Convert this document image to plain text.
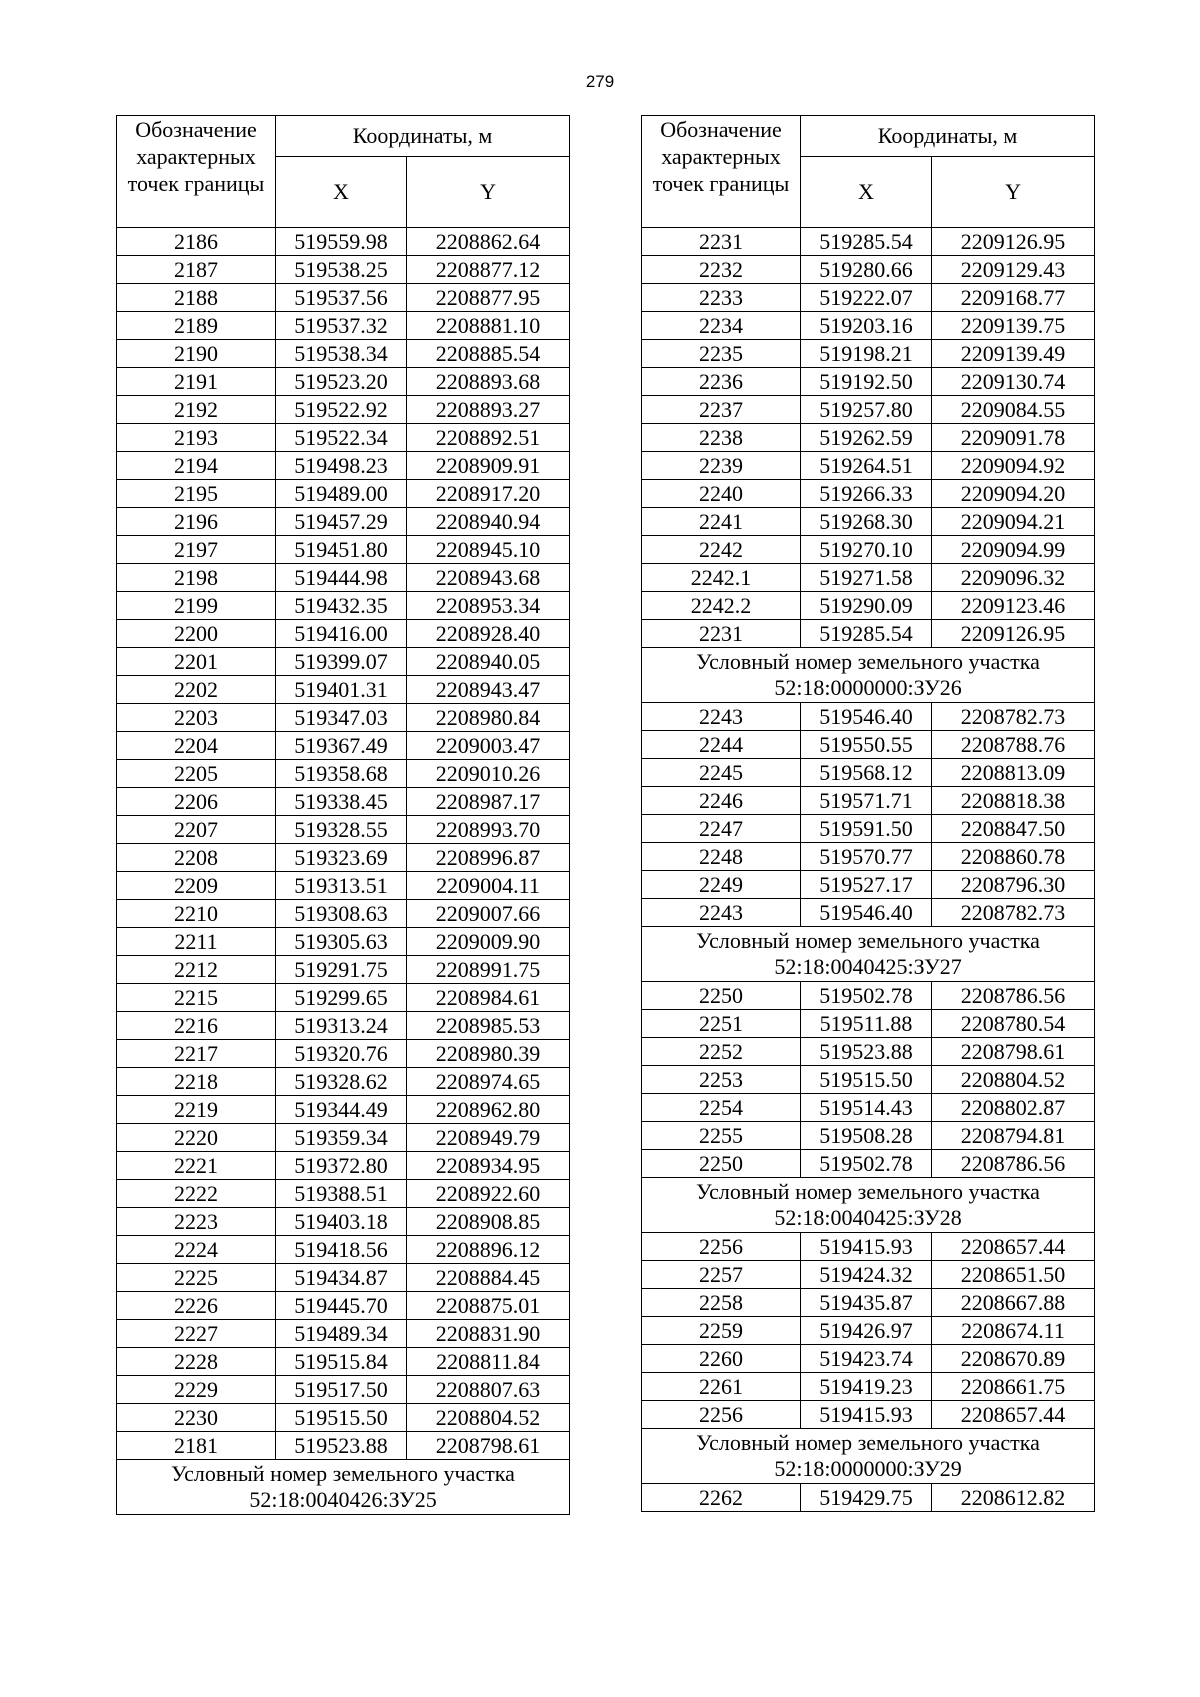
279
Обозначение характерных точек границы	Координаты, м	
	X	Y
2186	519559.98	2208862.64
2187	519538.25	2208877.12
2188	519537.56	2208877.95
2189	519537.32	2208881.10
2190	519538.34	2208885.54
2191	519523.20	2208893.68
2192	519522.92	2208893.27
2193	519522.34	2208892.51
2194	519498.23	2208909.91
2195	519489.00	2208917.20
2196	519457.29	2208940.94
2197	519451.80	2208945.10
2198	519444.98	2208943.68
2199	519432.35	2208953.34
2200	519416.00	2208928.40
2201	519399.07	2208940.05
2202	519401.31	2208943.47
2203	519347.03	2208980.84
2204	519367.49	2209003.47
2205	519358.68	2209010.26
2206	519338.45	2208987.17
2207	519328.55	2208993.70
2208	519323.69	2208996.87
2209	519313.51	2209004.11
2210	519308.63	2209007.66
2211	519305.63	2209009.90
2212	519291.75	2208991.75
2215	519299.65	2208984.61
2216	519313.24	2208985.53
2217	519320.76	2208980.39
2218	519328.62	2208974.65
2219	519344.49	2208962.80
2220	519359.34	2208949.79
2221	519372.80	2208934.95
2222	519388.51	2208922.60
2223	519403.18	2208908.85
2224	519418.56	2208896.12
2225	519434.87	2208884.45
2226	519445.70	2208875.01
2227	519489.34	2208831.90
2228	519515.84	2208811.84
2229	519517.50	2208807.63
2230	519515.50	2208804.52
2181	519523.88	2208798.61

Условный номер земельного участка
52:18:0040426:ЗУ25		
Обозначение характерных точек границы	Координаты, м	
	X	Y
2231	519285.54	2209126.95
2232	519280.66	2209129.43
2233	519222.07	2209168.77
2234	519203.16	2209139.75
2235	519198.21	2209139.49
2236	519192.50	2209130.74
2237	519257.80	2209084.55
2238	519262.59	2209091.78
2239	519264.51	2209094.92
2240	519266.33	2209094.20
2241	519268.30	2209094.21
2242	519270.10	2209094.99
2242.1	519271.58	2209096.32
2242.2	519290.09	2209123.46
2231	519285.54	2209126.95

Условный номер земельного участка
52:18:0000000:ЗУ26		

2243	519546.40	2208782.73
2244	519550.55	2208788.76
2245	519568.12	2208813.09
2246	519571.71	2208818.38
2247	519591.50	2208847.50
2248	519570.77	2208860.78
2249	519527.17	2208796.30
2243	519546.40	2208782.73

Условный номер земельного участка
52:18:0040425:ЗУ27		

2250	519502.78	2208786.56
2251	519511.88	2208780.54
2252	519523.88	2208798.61
2253	519515.50	2208804.52
2254	519514.43	2208802.87
2255	519508.28	2208794.81
2250	519502.78	2208786.56

Условный номер земельного участка
52:18:0040425:ЗУ28		

2256	519415.93	2208657.44
2257	519424.32	2208651.50
2258	519435.87	2208667.88
2259	519426.97	2208674.11
2260	519423.74	2208670.89
2261	519419.23	2208661.75
2256	519415.93	2208657.44

Условный номер земельного участка
52:18:0000000:ЗУ29		

2262	519429.75	2208612.82
